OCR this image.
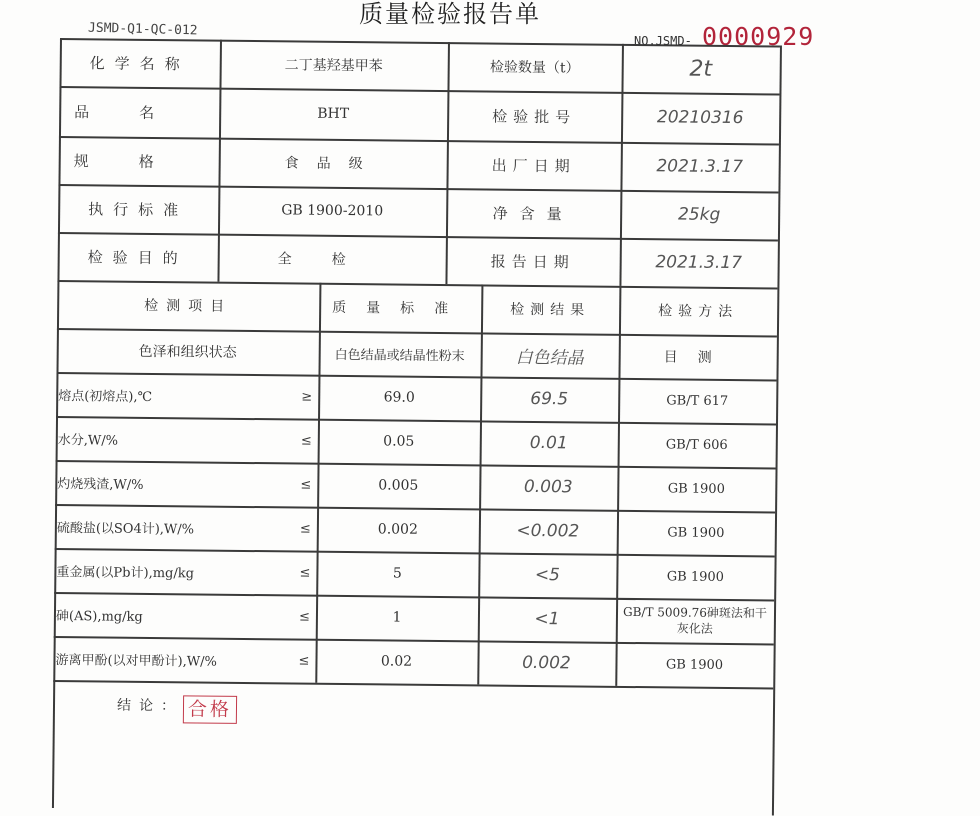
质量检验报告单
JSMD-Q1-QC-012
NO.JSMD- 0000929
化学名称	二丁基羟基甲苯	检验数量（t）	2t
品名	BHT	检验批号	20210316
规格	食品级	出厂日期	2021.3.17
执行标准	GB 1900-2010	净含量	25kg
检验目的	全检	报告日期	2021.3.17
检测项目	质量标准	检测结果	检验方法
色泽和组织状态	白色结晶或结晶性粉末	白色结晶	目测
熔点(初熔点),℃	≥	69.0	69.5	GB/T 617
水分,W/%	≤	0.05	0.01	GB/T 606
灼烧残渣,W/%	≤	0.005	0.003	GB 1900
硫酸盐(以SO4计),W/%	≤	0.002	<0.002	GB 1900
重金属(以Pb计),mg/kg	≤	5	<5	GB 1900
砷(AS),mg/kg	≤	1	<1	GB/T 5009.76砷斑法和干灰化法
游离甲酚(以对甲酚计),W/%	≤	0.02	0.002	GB 1900
结论： 合格
